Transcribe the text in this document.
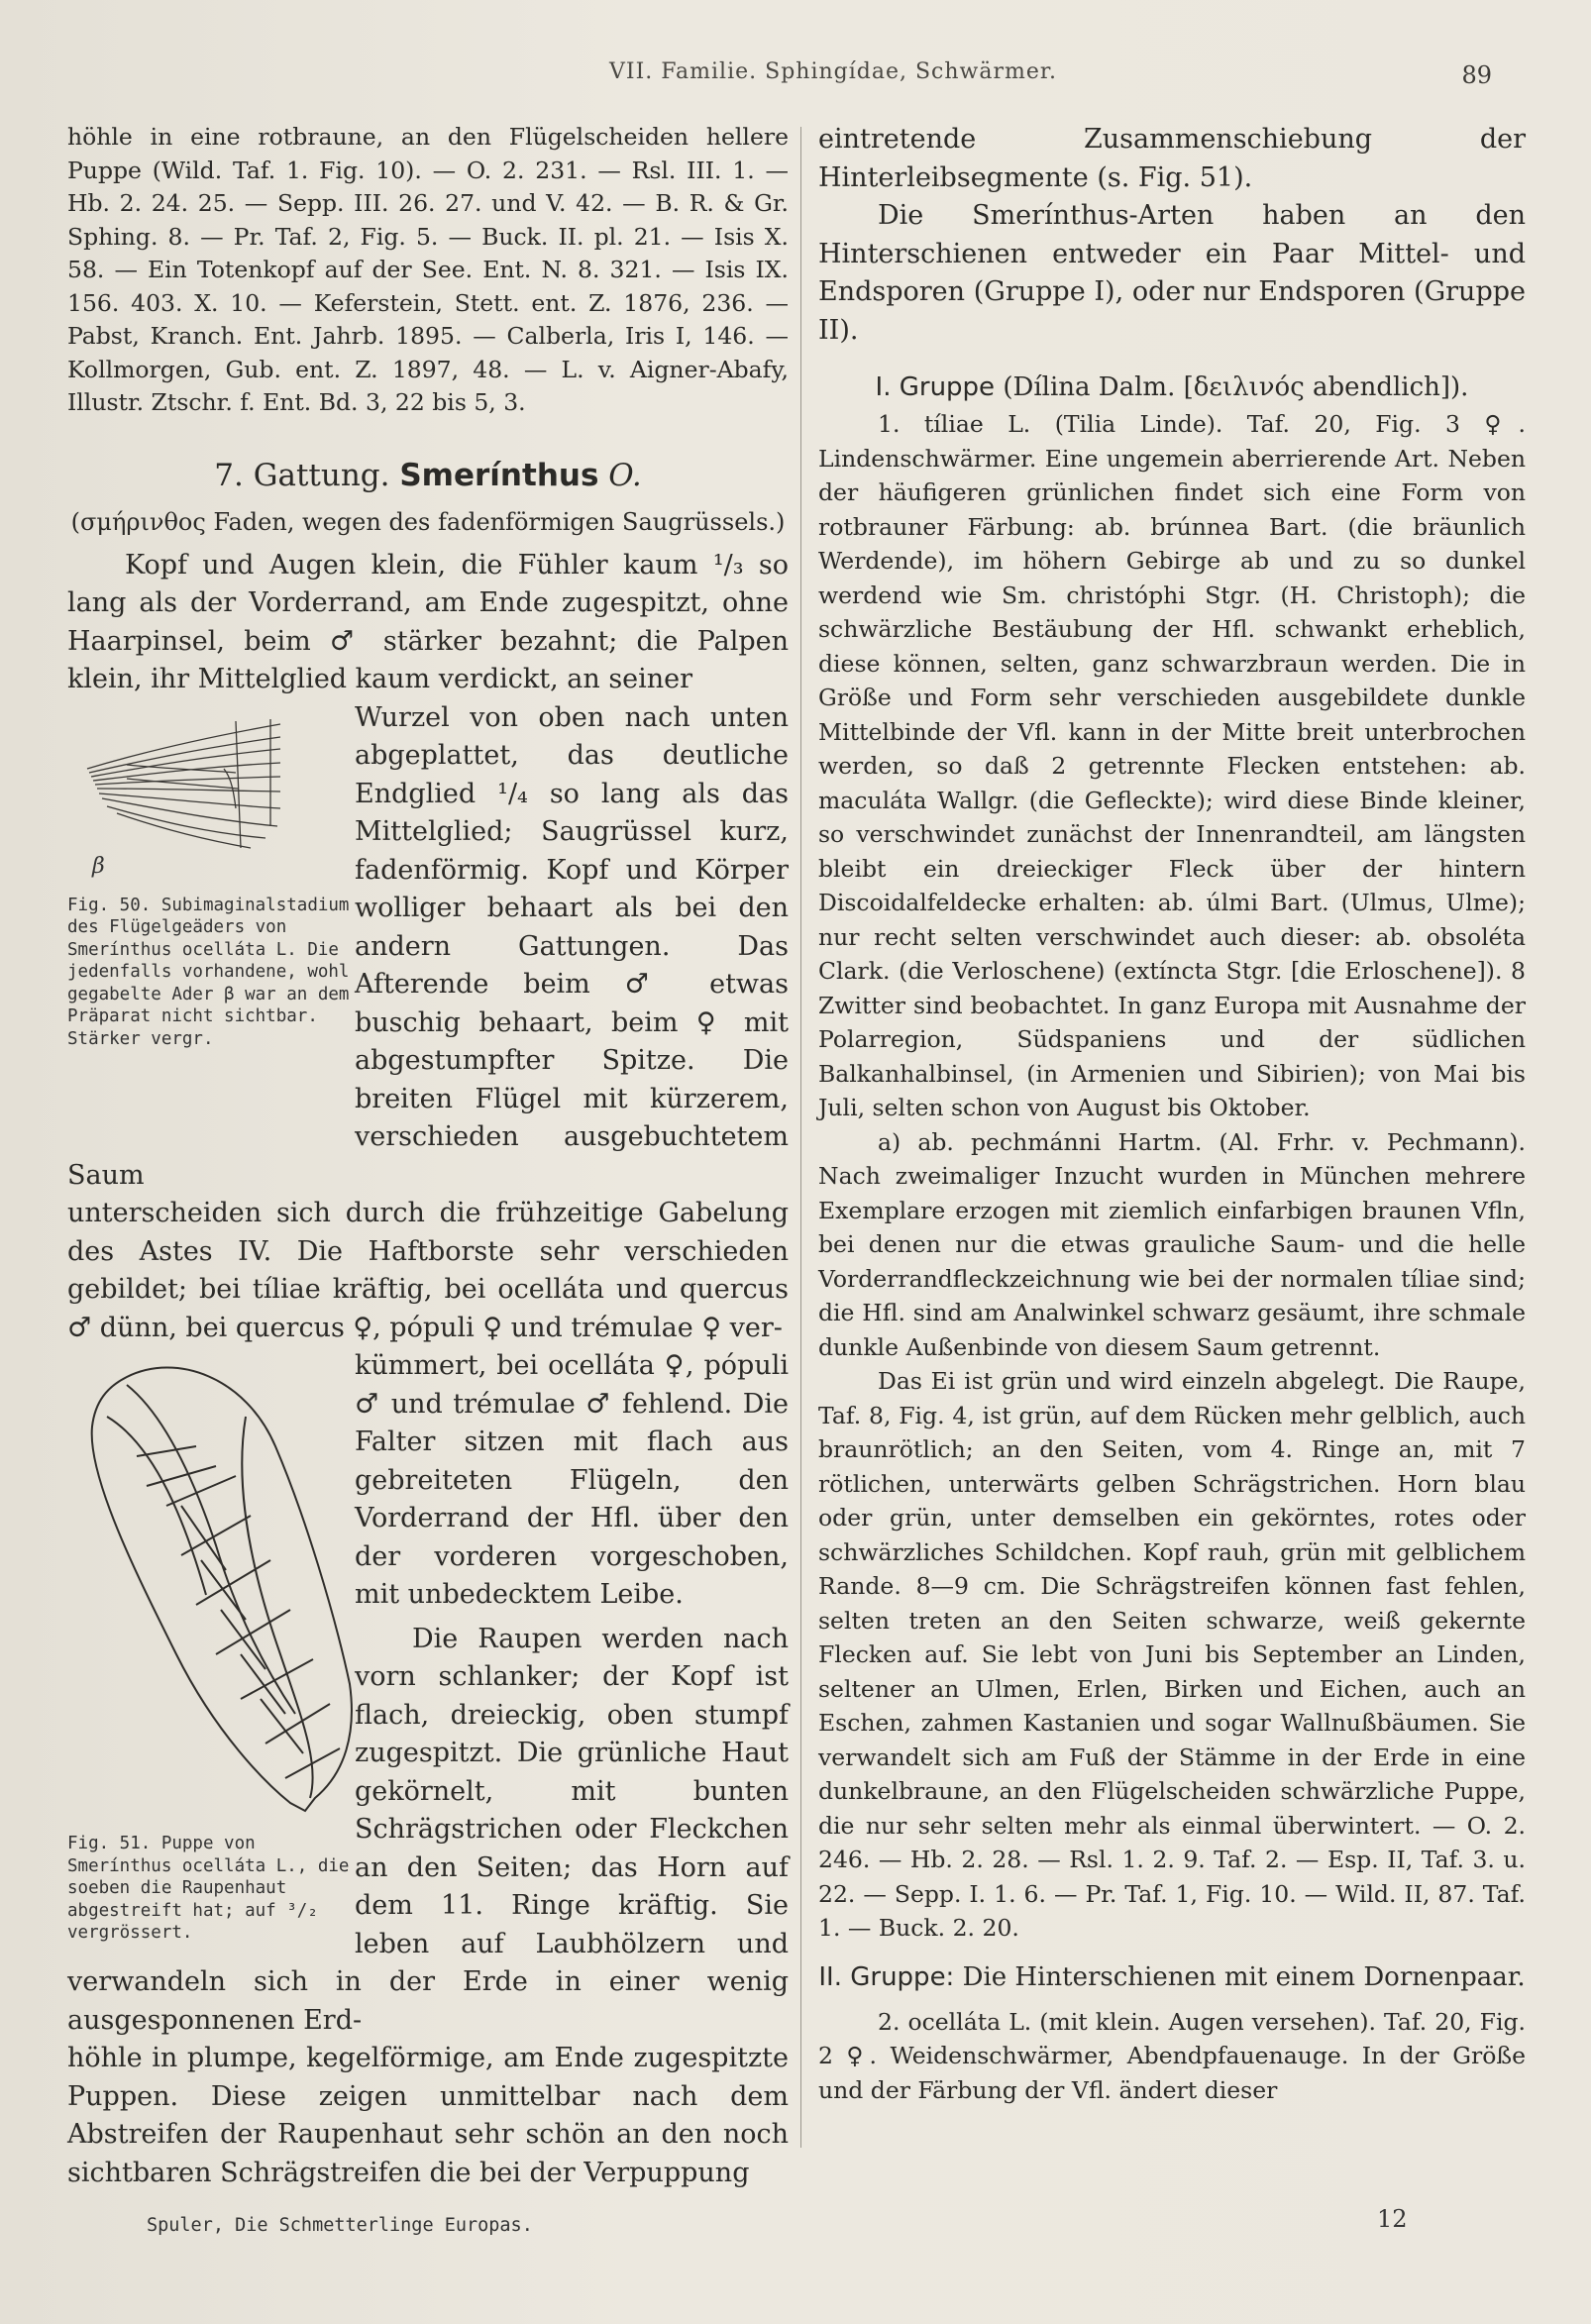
VII. Familie. Sphingídae, Schwärmer.	89

höhle in eine rotbraune, an den Flügelscheiden hellere Puppe (Wild. Taf. 1. Fig. 10). — O. 2. 231. — Rsl. III. 1. — Hb. 2. 24. 25. — Sepp. III. 26. 27. und V. 42. — B. R. & Gr. Sphing. 8. — Pr. Taf. 2, Fig. 5. — Buck. II. pl. 21. — Isis X. 58. — Ein Totenkopf auf der See. Ent. N. 8. 321. — Isis IX. 156. 403. X. 10. — Keferstein, Stett. ent. Z. 1876, 236. — Pabst, Kranch. Ent. Jahrb. 1895. — Calberla, Iris I, 146. — Kollmorgen, Gub. ent. Z. 1897, 48. — L. v. Aigner-Abafy, Illustr. Ztschr. f. Ent. Bd. 3, 22 bis 5, 3.

7. Gattung. Smerínthus O.

(σμήρινθος Faden, wegen des fadenförmigen Saugrüssels.)

Kopf und Augen klein, die Fühler kaum ¹/₃ so lang als der Vorderrand, am Ende zugespitzt, ohne Haarpinsel, beim ♂ stärker bezahnt; die Palpen klein, ihr Mittelglied kaum verdickt, an seiner

β

Fig. 50. Subimaginalstadium des Flügelgeäders von Smerínthus ocelláta L. Die jedenfalls vorhandene, wohl gegabelte Ader β war an dem Präparat nicht sichtbar. Stärker vergr.

Wurzel von oben nach unten abgeplattet, das deutliche Endglied ¹/₄ so lang als das Mittelglied; Saugrüssel kurz, fadenförmig. Kopf und Körper wolliger behaart als bei den andern Gattungen. Das Afterende beim ♂ etwas buschig behaart, beim ♀ mit abgestumpfter Spitze. Die breiten Flügel mit kürzerem, verschieden ausgebuchtetem Saum

unterscheiden sich durch die frühzeitige Gabelung des Astes IV. Die Haftborste sehr verschieden gebildet; bei tíliae kräftig, bei ocelláta und quercus ♂ dünn, bei quercus ♀, pópuli ♀ und trémulae ♀ ver-

Fig. 51. Puppe von Smerínthus ocelláta L., die soeben die Raupenhaut abgestreift hat; auf ³/₂ vergrössert.

kümmert, bei ocelláta ♀, pópuli ♂ und trémulae ♂ fehlend. Die Falter sitzen mit flach aus gebreiteten Flügeln, den Vorderrand der Hfl. über den der vorderen vorgeschoben, mit unbedecktem Leibe.

Die Raupen werden nach vorn schlanker; der Kopf ist flach, dreieckig, oben stumpf zugespitzt. Die grünliche Haut gekörnelt, mit bunten Schrägstrichen oder Fleckchen an den Seiten; das Horn auf dem 11. Ringe kräftig. Sie leben auf Laubhölzern und verwandeln sich in der Erde in einer wenig ausgesponnenen Erd-

höhle in plumpe, kegelförmige, am Ende zugespitzte Puppen. Diese zeigen unmittelbar nach dem Abstreifen der Raupenhaut sehr schön an den noch sichtbaren Schrägstreifen die bei der Verpuppung

eintretende Zusammenschiebung der Hinterleibsegmente (s. Fig. 51).

Die Smerínthus-Arten haben an den Hinterschienen entweder ein Paar Mittel- und Endsporen (Gruppe I), oder nur Endsporen (Gruppe II).

I. Gruppe (Dílina Dalm. [δειλινός abendlich]).

1. tíliae L. (Tilia Linde). Taf. 20, Fig. 3 ♀. Lindenschwärmer. Eine ungemein aberrierende Art. Neben der häufigeren grünlichen findet sich eine Form von rotbrauner Färbung: ab. brúnnea Bart. (die bräunlich Werdende), im höhern Gebirge ab und zu so dunkel werdend wie Sm. christóphi Stgr. (H. Christoph); die schwärzliche Bestäubung der Hfl. schwankt erheblich, diese können, selten, ganz schwarzbraun werden. Die in Größe und Form sehr verschieden ausgebildete dunkle Mittelbinde der Vfl. kann in der Mitte breit unterbrochen werden, so daß 2 getrennte Flecken entstehen: ab. maculáta Wallgr. (die Gefleckte); wird diese Binde kleiner, so verschwindet zunächst der Innenrandteil, am längsten bleibt ein dreieckiger Fleck über der hintern Discoidalfeldecke erhalten: ab. úlmi Bart. (Ulmus, Ulme); nur recht selten verschwindet auch dieser: ab. obsoléta Clark. (die Verloschene) (extíncta Stgr. [die Erloschene]). 8 Zwitter sind beobachtet. In ganz Europa mit Ausnahme der Polarregion, Südspaniens und der südlichen Balkanhalbinsel, (in Armenien und Sibirien); von Mai bis Juli, selten schon von August bis Oktober.

a) ab. pechmánni Hartm. (Al. Frhr. v. Pechmann). Nach zweimaliger Inzucht wurden in München mehrere Exemplare erzogen mit ziemlich einfarbigen braunen Vfln, bei denen nur die etwas grauliche Saum- und die helle Vorderrandfleckzeichnung wie bei der normalen tíliae sind; die Hfl. sind am Analwinkel schwarz gesäumt, ihre schmale dunkle Außenbinde von diesem Saum getrennt.

Das Ei ist grün und wird einzeln abgelegt. Die Raupe, Taf. 8, Fig. 4, ist grün, auf dem Rücken mehr gelblich, auch braunrötlich; an den Seiten, vom 4. Ringe an, mit 7 rötlichen, unterwärts gelben Schrägstrichen. Horn blau oder grün, unter demselben ein gekörntes, rotes oder schwärzliches Schildchen. Kopf rauh, grün mit gelblichem Rande. 8—9 cm. Die Schrägstreifen können fast fehlen, selten treten an den Seiten schwarze, weiß gekernte Flecken auf. Sie lebt von Juni bis September an Linden, seltener an Ulmen, Erlen, Birken und Eichen, auch an Eschen, zahmen Kastanien und sogar Wallnußbäumen. Sie verwandelt sich am Fuß der Stämme in der Erde in eine dunkelbraune, an den Flügelscheiden schwärzliche Puppe, die nur sehr selten mehr als einmal überwintert. — O. 2. 246. — Hb. 2. 28. — Rsl. 1. 2. 9. Taf. 2. — Esp. II, Taf. 3. u. 22. — Sepp. I. 1. 6. — Pr. Taf. 1, Fig. 10. — Wild. II, 87. Taf. 1. — Buck. 2. 20.

II. Gruppe: Die Hinterschienen mit einem Dornenpaar.

2. ocelláta L. (mit klein. Augen versehen). Taf. 20, Fig. 2 ♀. Weidenschwärmer, Abendpfauenauge. In der Größe und der Färbung der Vfl. ändert dieser

Spuler, Die Schmetterlinge Europas.	12
